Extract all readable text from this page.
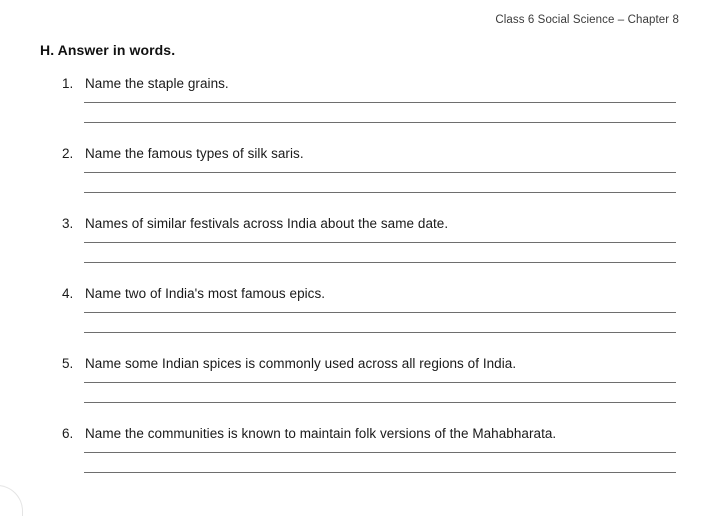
Class 6 Social Science – Chapter 8
H. Answer in words.
1. Name the staple grains.
2. Name the famous types of silk saris.
3. Names of similar festivals across India about the same date.
4. Name two of India's most famous epics.
5. Name some Indian spices is commonly used across all regions of India.
6. Name the communities is known to maintain folk versions of the Mahabharata.
